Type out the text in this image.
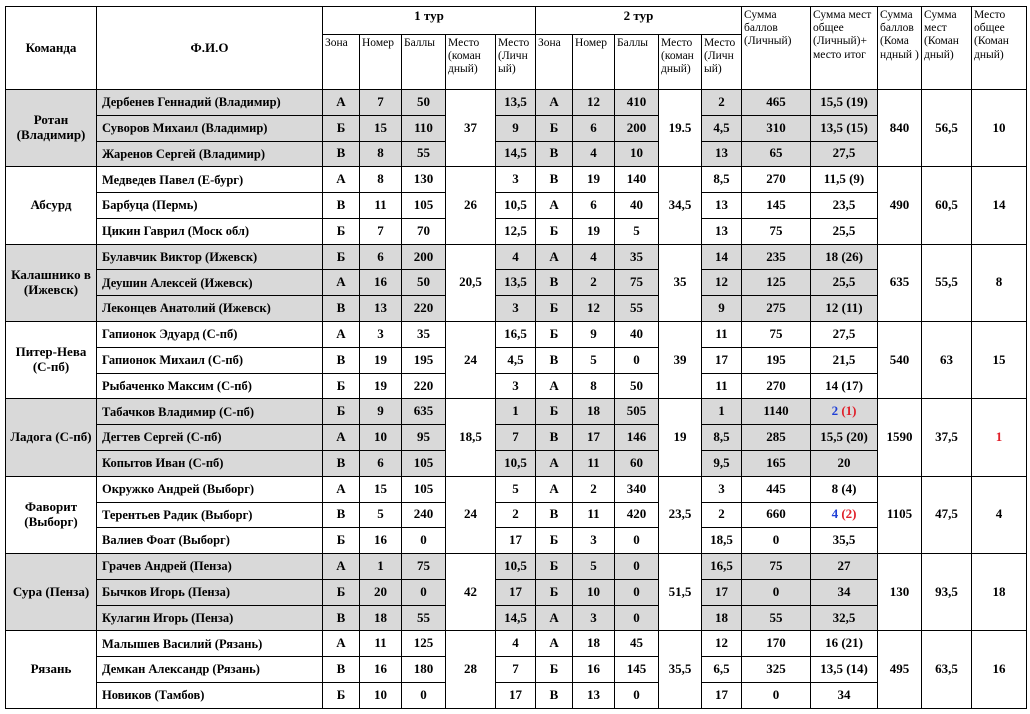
Команда	Ф.И.О	1 тур					2 тур					Сумма баллов (Личный)	Сумма мест общее (Личный)+ место итог	Сумма баллов (Кома ндный )	Сумма мест (Коман дный)	Место общее (Коман дный)
		Зона	Номер	Баллы	Место (коман дный)	Место (Личн ый)	Зона	Номер	Баллы	Место (коман дный)	Место (Личн ый)					
Ротан (Владимир)	Дербенев Геннадий (Владимир)	А	7	50	37	13,5	А	12	410	19.5	2	465	15,5 (19)	840	56,5	10
	Суворов Михаил (Владимир)	Б	15	110		9	Б	6	200		4,5	310	13,5 (15)			
	Жаренов Сергей (Владимир)	В	8	55		14,5	В	4	10		13	65	27,5			
Абсурд	Медведев Павел (Е-бург)	А	8	130	26	3	В	19	140	34,5	8,5	270	11,5 (9)	490	60,5	14
	Барбуца (Пермь)	В	11	105		10,5	А	6	40		13	145	23,5			
	Цикин Гаврил (Моск обл)	Б	7	70		12,5	Б	19	5		13	75	25,5			
Калашнико в (Ижевск)	Булавчик Виктор (Ижевск)	Б	6	200	20,5	4	А	4	35	35	14	235	18 (26)	635	55,5	8
	Деушин Алексей (Ижевск)	А	16	50		13,5	В	2	75		12	125	25,5			
	Леконцев Анатолий (Ижевск)	В	13	220		3	Б	12	55		9	275	12 (11)			
Питер-Нева (С-пб)	Гапионок Эдуард (С-пб)	А	3	35	24	16,5	Б	9	40	39	11	75	27,5	540	63	15
	Гапионок Михаил (С-пб)	В	19	195		4,5	В	5	0		17	195	21,5			
	Рыбаченко Максим (С-пб)	Б	19	220		3	А	8	50		11	270	14 (17)			
Ладога (С-пб)	Табачков Владимир (С-пб)	Б	9	635	18,5	1	Б	18	505	19	1	1140	2 (1)	1590	37,5	1
	Дегтев Сергей (С-пб)	А	10	95		7	В	17	146		8,5	285	15,5 (20)			
	Копытов Иван (С-пб)	В	6	105		10,5	А	11	60		9,5	165	20			
Фаворит (Выборг)	Окружко Андрей (Выборг)	А	15	105	24	5	А	2	340	23,5	3	445	8 (4)	1105	47,5	4
	Терентьев Радик (Выборг)	В	5	240		2	В	11	420		2	660	4 (2)			
	Валиев Фоат (Выборг)	Б	16	0		17	Б	3	0		18,5	0	35,5			
Сура (Пенза)	Грачев Андрей (Пенза)	А	1	75	42	10,5	Б	5	0	51,5	16,5	75	27	130	93,5	18
	Бычков Игорь (Пенза)	Б	20	0		17	Б	10	0		17	0	34			
	Кулагин Игорь (Пенза)	В	18	55		14,5	А	3	0		18	55	32,5			
Рязань	Малышев Василий (Рязань)	А	11	125	28	4	А	18	45	35,5	12	170	16 (21)	495	63,5	16
	Демкан Александр (Рязань)	В	16	180		7	Б	16	145		6,5	325	13,5 (14)			
	Новиков (Тамбов)	Б	10	0		17	В	13	0		17	0	34			
